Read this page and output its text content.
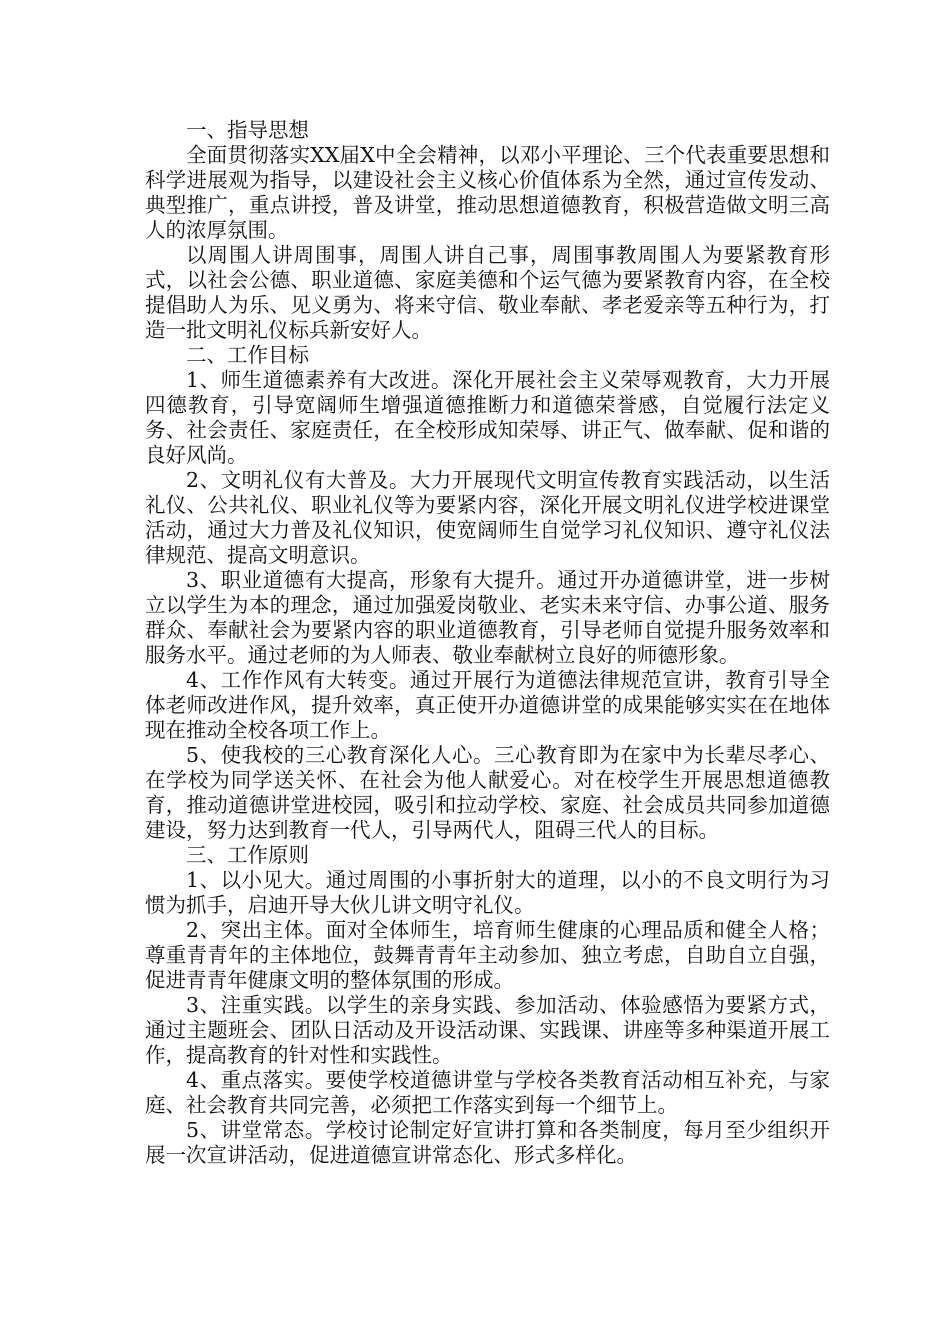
一、指导思想

全面贯彻落实XX届X中全会精神，以邓小平理论、三个代表重要思想和科学进展观为指导，以建设社会主义核心价值体系为全然，通过宣传发动、典型推广，重点讲授，普及讲堂，推动思想道德教育，积极营造做文明三高人的浓厚氛围。

以周围人讲周围事，周围人讲自己事，周围事教周围人为要紧教育形式，以社会公德、职业道德、家庭美德和个运气德为要紧教育内容，在全校提倡助人为乐、见义勇为、将来守信、敬业奉献、孝老爱亲等五种行为，打造一批文明礼仪标兵新安好人。

二、工作目标

1、师生道德素养有大改进。深化开展社会主义荣辱观教育，大力开展四德教育，引导宽阔师生增强道德推断力和道德荣誉感，自觉履行法定义务、社会责任、家庭责任，在全校形成知荣辱、讲正气、做奉献、促和谐的良好风尚。

2、文明礼仪有大普及。大力开展现代文明宣传教育实践活动，以生活礼仪、公共礼仪、职业礼仪等为要紧内容，深化开展文明礼仪进学校进课堂活动，通过大力普及礼仪知识，使宽阔师生自觉学习礼仪知识、遵守礼仪法律规范、提高文明意识。

3、职业道德有大提高，形象有大提升。通过开办道德讲堂，进一步树立以学生为本的理念，通过加强爱岗敬业、老实未来守信、办事公道、服务群众、奉献社会为要紧内容的职业道德教育，引导老师自觉提升服务效率和服务水平。通过老师的为人师表、敬业奉献树立良好的师德形象。

4、工作作风有大转变。通过开展行为道德法律规范宣讲，教育引导全体老师改进作风，提升效率，真正使开办道德讲堂的成果能够实实在在地体现在推动全校各项工作上。

5、使我校的三心教育深化人心。三心教育即为在家中为长辈尽孝心、在学校为同学送关怀、在社会为他人献爱心。对在校学生开展思想道德教育，推动道德讲堂进校园，吸引和拉动学校、家庭、社会成员共同参加道德建设，努力达到教育一代人，引导两代人，阻碍三代人的目标。

三、工作原则

1、以小见大。通过周围的小事折射大的道理，以小的不良文明行为习惯为抓手，启迪开导大伙儿讲文明守礼仪。

2、突出主体。面对全体师生，培育师生健康的心理品质和健全人格；尊重青青年的主体地位，鼓舞青青年主动参加、独立考虑，自助自立自强，促进青青年健康文明的整体氛围的形成。

3、注重实践。以学生的亲身实践、参加活动、体验感悟为要紧方式，通过主题班会、团队日活动及开设活动课、实践课、讲座等多种渠道开展工作，提高教育的针对性和实践性。

4、重点落实。要使学校道德讲堂与学校各类教育活动相互补充，与家庭、社会教育共同完善，必须把工作落实到每一个细节上。

5、讲堂常态。学校讨论制定好宣讲打算和各类制度，每月至少组织开展一次宣讲活动，促进道德宣讲常态化、形式多样化。
